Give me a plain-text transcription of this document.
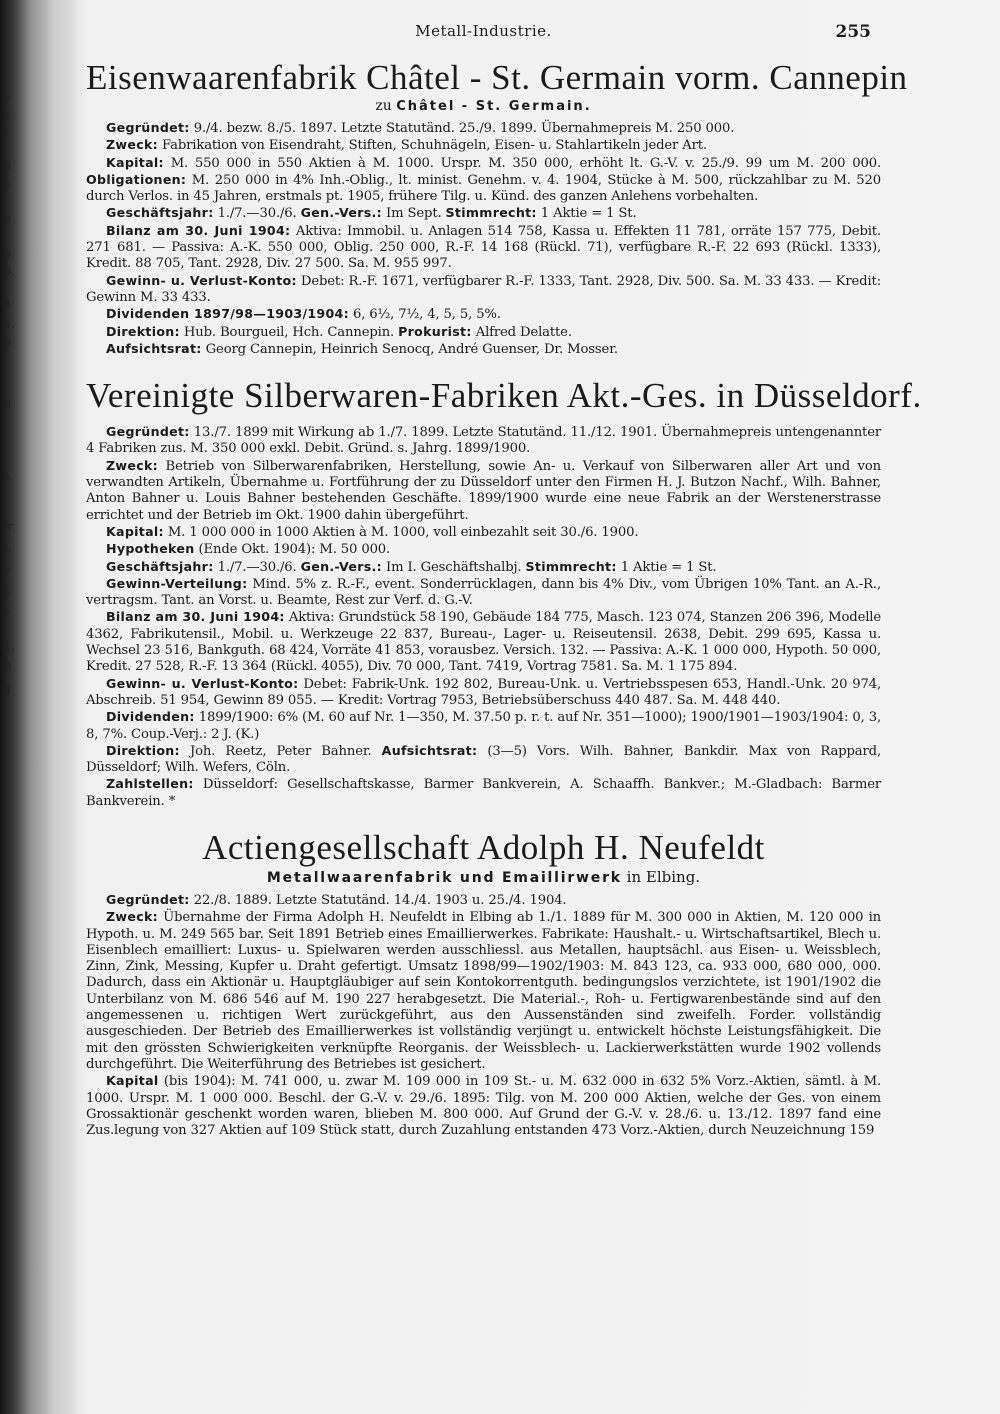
e
s
l.
ll
a
n
6.
0.
4
3.
8
·l
s.
·r
l.
e
l-
l-
1,
0
4
Metall-Industrie.	255
Eisenwaarenfabrik Châtel - St. Germain vorm. Cannepin
zu Châtel - St. Germain.

Gegründet: 9./4. bezw. 8./5. 1897. Letzte Statutänd. 25./9. 1899. Übernahmepreis M. 250 000.

Zweck: Fabrikation von Eisendraht, Stiften, Schuhnägeln, Eisen- u. Stahlartikeln jeder Art.

Kapital: M. 550 000 in 550 Aktien à M. 1000. Urspr. M. 350 000, erhöht lt. G.-V. v. 25./9. 99 um M. 200 000. Obligationen: M. 250 000 in 4% Inh.-Oblig., lt. minist. Genehm. v. 4. 1904, Stücke à M. 500, rückzahlbar zu M. 520 durch Verlos. in 45 Jahren, erstmals pt. 1905, frühere Tilg. u. Künd. des ganzen Anlehens vorbehalten.

Geschäftsjahr: 1./7.—30./6. Gen.-Vers.: Im Sept. Stimmrecht: 1 Aktie = 1 St.

Bilanz am 30. Juni 1904: Aktiva: Immobil. u. Anlagen 514 758, Kassa u. Effekten 11 781, orräte 157 775, Debit. 271 681. — Passiva: A.-K. 550 000, Oblig. 250 000, R.-F. 14 168 (Rückl. 71), verfügbare R.-F. 22 693 (Rückl. 1333), Kredit. 88 705, Tant. 2928, Div. 27 500. Sa. M. 955 997.

Gewinn- u. Verlust-Konto: Debet: R.-F. 1671, verfügbarer R.-F. 1333, Tant. 2928, Div. 500. Sa. M. 33 433. — Kredit: Gewinn M. 33 433.

Dividenden 1897/98—1903/1904: 6, 6½, 7½, 4, 5, 5, 5%.

Direktion: Hub. Bourgueil, Hch. Cannepin. Prokurist: Alfred Delatte.

Aufsichtsrat: Georg Cannepin, Heinrich Senocq, André Guenser, Dr. Mosser.

Vereinigte Silberwaren-Fabriken Akt.-Ges. in Düsseldorf.

Gegründet: 13./7. 1899 mit Wirkung ab 1./7. 1899. Letzte Statutänd. 11./12. 1901. Übernahmepreis untengenannter 4 Fabriken zus. M. 350 000 exkl. Debit. Gründ. s. Jahrg. 1899/1900.

Zweck: Betrieb von Silberwarenfabriken, Herstellung, sowie An- u. Verkauf von Silberwaren aller Art und von verwandten Artikeln, Übernahme u. Fortführung der zu Düsseldorf unter den Firmen H. J. Butzon Nachf., Wilh. Bahner, Anton Bahner u. Louis Bahner bestehenden Geschäfte. 1899/1900 wurde eine neue Fabrik an der Werstenerstrasse errichtet und der Betrieb im Okt. 1900 dahin übergeführt.

Kapital: M. 1 000 000 in 1000 Aktien à M. 1000, voll einbezahlt seit 30./6. 1900.

Hypotheken (Ende Okt. 1904): M. 50 000.

Geschäftsjahr: 1./7.—30./6. Gen.-Vers.: Im I. Geschäftshalbj. Stimmrecht: 1 Aktie = 1 St.

Gewinn-Verteilung: Mind. 5% z. R.-F., event. Sonderrücklagen, dann bis 4% Div., vom Übrigen 10% Tant. an A.-R., vertragsm. Tant. an Vorst. u. Beamte, Rest zur Verf. d. G.-V.

Bilanz am 30. Juni 1904: Aktiva: Grundstück 58 190, Gebäude 184 775, Masch. 123 074, Stanzen 206 396, Modelle 4362, Fabrikutensil., Mobil. u. Werkzeuge 22 837, Bureau-, Lager- u. Reiseutensil. 2638, Debit. 299 695, Kassa u. Wechsel 23 516, Bankguth. 68 424, Vorräte 41 853, vorausbez. Versich. 132. — Passiva: A.-K. 1 000 000, Hypoth. 50 000, Kredit. 27 528, R.-F. 13 364 (Rückl. 4055), Div. 70 000, Tant. 7419, Vortrag 7581. Sa. M. 1 175 894.

Gewinn- u. Verlust-Konto: Debet: Fabrik-Unk. 192 802, Bureau-Unk. u. Vertriebsspesen 653, Handl.-Unk. 20 974, Abschreib. 51 954, Gewinn 89 055. — Kredit: Vortrag 7953, Betriebsüberschuss 440 487. Sa. M. 448 440.

Dividenden: 1899/1900: 6% (M. 60 auf Nr. 1—350, M. 37.50 p. r. t. auf Nr. 351—1000); 1900/1901—1903/1904: 0, 3, 8, 7%. Coup.-Verj.: 2 J. (K.)

Direktion: Joh. Reetz, Peter Bahner. Aufsichtsrat: (3—5) Vors. Wilh. Bahner, Bankdir. Max von Rappard, Düsseldorf; Wilh. Wefers, Cöln.

Zahlstellen: Düsseldorf: Gesellschaftskasse, Barmer Bankverein, A. Schaaffh. Bankver.; M.-Gladbach: Barmer Bankverein. *

Actiengesellschaft Adolph H. Neufeldt
Metallwaarenfabrik und Emaillirwerk in Elbing.

Gegründet: 22./8. 1889. Letzte Statutänd. 14./4. 1903 u. 25./4. 1904.

Zweck: Übernahme der Firma Adolph H. Neufeldt in Elbing ab 1./1. 1889 für M. 300 000 in Aktien, M. 120 000 in Hypoth. u. M. 249 565 bar. Seit 1891 Betrieb eines Emaillierwerkes. Fabrikate: Haushalt.- u. Wirtschaftsartikel, Blech u. Eisenblech emailliert: Luxus- u. Spielwaren werden ausschliessl. aus Metallen, hauptsächl. aus Eisen- u. Weissblech, Zinn, Zink, Messing, Kupfer u. Draht gefertigt. Umsatz 1898/99—1902/1903: M. 843 123, ca. 933 000, 680 000, 000. Dadurch, dass ein Aktionär u. Hauptgläubiger auf sein Kontokorrentguth. bedingungslos verzichtete, ist 1901/1902 die Unterbilanz von M. 686 546 auf M. 190 227 herabgesetzt. Die Material.-, Roh- u. Fertigwarenbestände sind auf den angemessenen u. richtigen Wert zurückgeführt, aus den Aussenständen sind zweifelh. Forder. vollständig ausgeschieden. Der Betrieb des Emaillierwerkes ist vollständig verjüngt u. entwickelt höchste Leistungsfähigkeit. Die mit den grössten Schwierigkeiten verknüpfte Reorganis. der Weissblech- u. Lackierwerkstätten wurde 1902 vollends durchgeführt. Die Weiterführung des Betriebes ist gesichert.

Kapital (bis 1904): M. 741 000, u. zwar M. 109 000 in 109 St.- u. M. 632 000 in 632 5% Vorz.-Aktien, sämtl. à M. 1000. Urspr. M. 1 000 000. Beschl. der G.-V. v. 29./6. 1895: Tilg. von M. 200 000 Aktien, welche der Ges. von einem Grossaktionär geschenkt worden waren, blieben M. 800 000. Auf Grund der G.-V. v. 28./6. u. 13./12. 1897 fand eine Zus.legung von 327 Aktien auf 109 Stück statt, durch Zuzahlung entstanden 473 Vorz.-Aktien, durch Neuzeichnung 159
